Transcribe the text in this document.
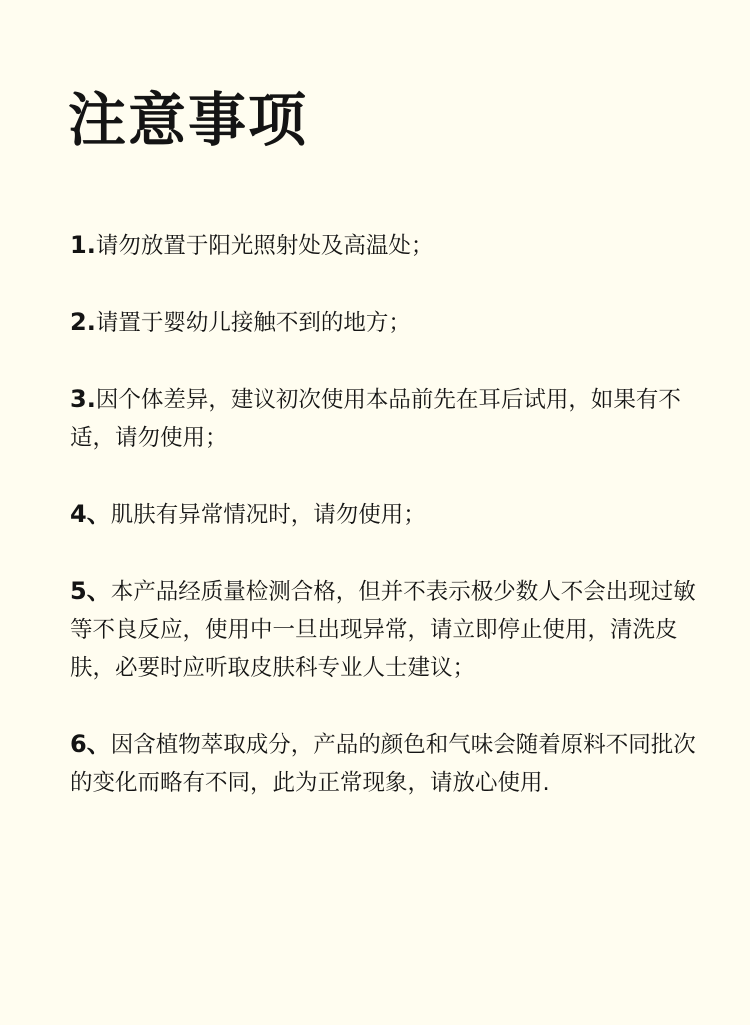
注意事项
1.请勿放置于阳光照射处及高温处；
2.请置于婴幼儿接触不到的地方；
3.因个体差异，建议初次使用本品前先在耳后试用，如果有不适，请勿使用；
4、肌肤有异常情况时，请勿使用；
5、本产品经质量检测合格，但并不表示极少数人不会出现过敏等不良反应，使用中一旦出现异常，请立即停止使用，清洗皮肤，必要时应听取皮肤科专业人士建议；
6、因含植物萃取成分，产品的颜色和气味会随着原料不同批次的变化而略有不同，此为正常现象，请放心使用.
